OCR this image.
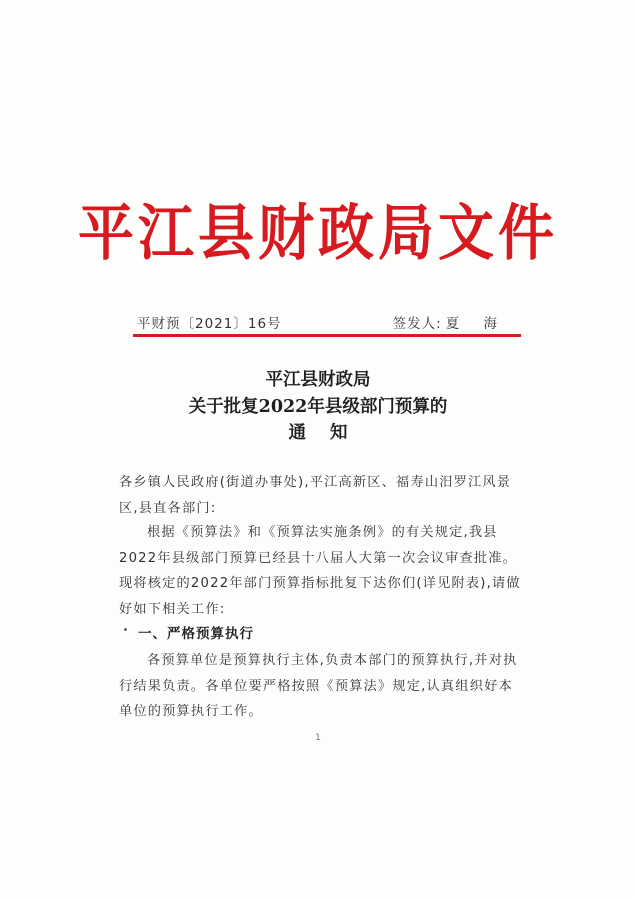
平江县财政局文件
平财预〔2021〕16号	签发人: 夏 海
平江县财政局
关于批复2022年县级部门预算的
通知
各乡镇人民政府(街道办事处),平江高新区、福寿山汨罗江风景区,县直各部门:
根据《预算法》和《预算法实施条例》的有关规定,我县2022年县级部门预算已经县十八届人大第一次会议审查批准。现将核定的2022年部门预算指标批复下达你们(详见附表),请做好如下相关工作:
一、严格预算执行
各预算单位是预算执行主体,负责本部门的预算执行,并对执行结果负责。各单位要严格按照《预算法》规定,认真组织好本单位的预算执行工作。
1
